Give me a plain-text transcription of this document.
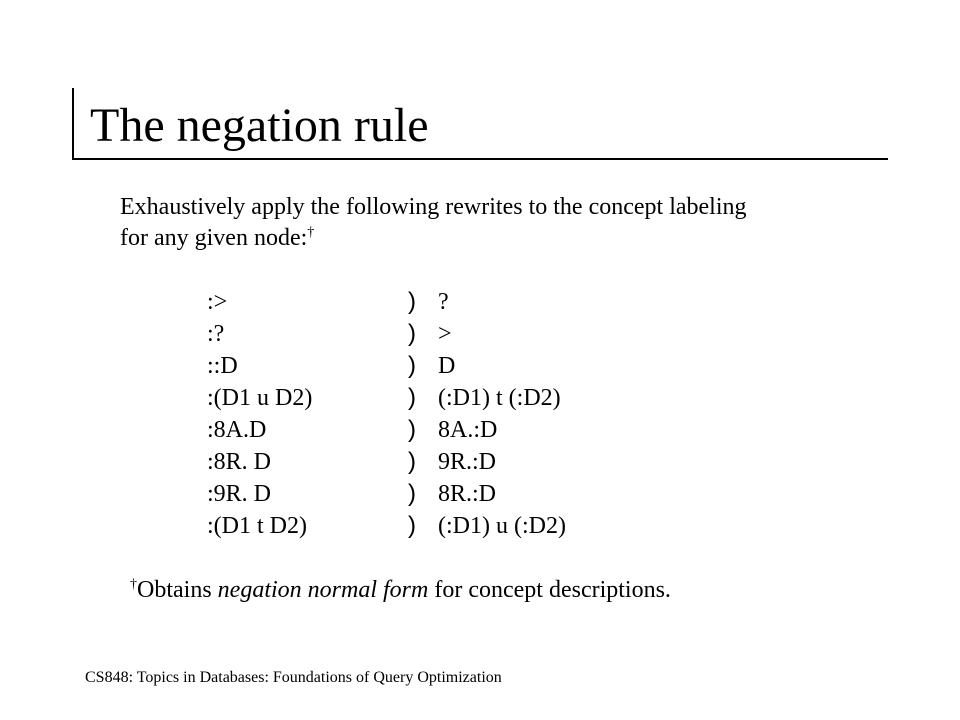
The negation rule
Exhaustively apply the following rewrites to the concept labeling
for any given node:†
:>	) ?
:?	) >
::D	) D
:(D1 u D2)	) (:D1) t (:D2)
:8A.D	) 8A.:D
:8R. D	) 9R.:D
:9R. D	) 8R.:D
:(D1 t D2)	) (:D1) u (:D2)
†Obtains negation normal form for concept descriptions.
CS848: Topics in Databases: Foundations of Query Optimization
